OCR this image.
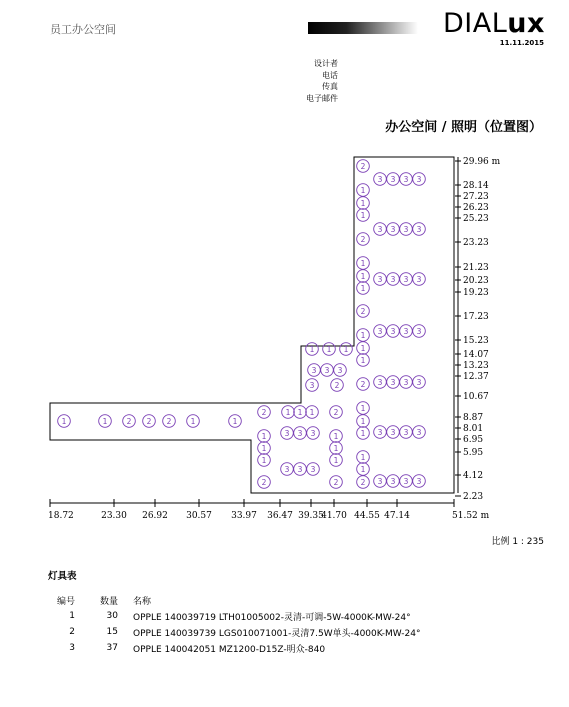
员工办公空间	DIALux
11.11.2015
设计者
电话
传真
电子邮件
办公空间 / 照明（位置图）
29.96 m
28.14
27.23
26.23
25.23
23.23
21.23
20.23
19.23
17.23
15.23
14.07
13.23
12.37
10.67
8.87
8.01
6.95
5.95
4.12
2.23
18.72	23.30 26.92 30.57 33.97 36.47 39.35
41.70 44.55 47.14	51.52 m
2
1
1
1
2
1
1
1
2
1
1
1
2
1
1
1
1
1
2
3 3 3 3
3 3 3 3
3 3 3 3
3 3 3 3
3 3 3 3
3 3 3 3
3 3 3 3
1 1 1
3 3 3
3	2
2	1 1 1	2
1 3 3 3 1
1
1
1
1
3 3 3
2	2
1	1	2 2 2	1	1
比例 1 : 235
灯具表
编号	数量	名称
1	30	OPPLE 140039719 LTH01005002-灵清-可调-5W-4000K-MW-24°
2	15	OPPLE 140039739 LGS010071001-灵清7.5W单头-4000K-MW-24°
3	37	OPPLE 140042051 MZ1200-D15Z-明众-840
